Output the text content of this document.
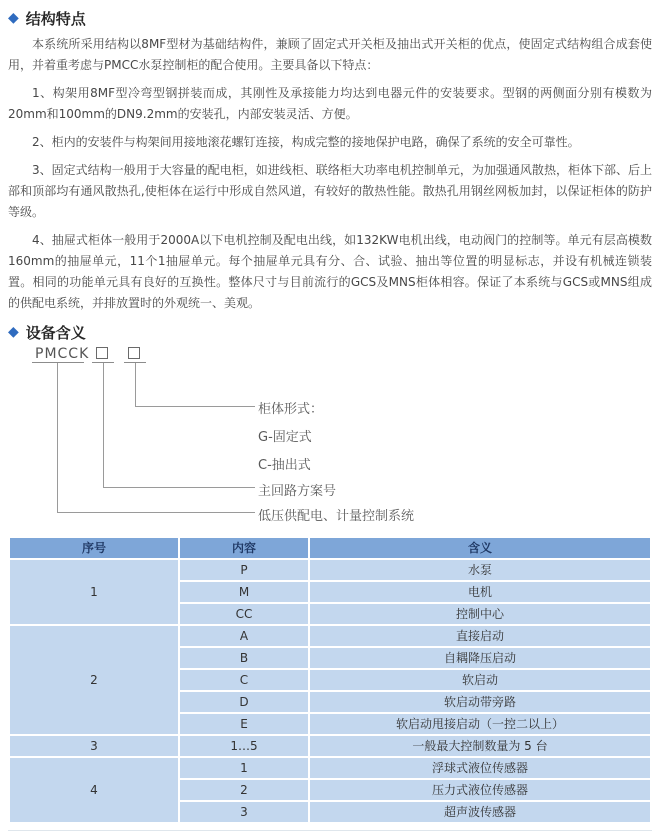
◆ 结构特点

本系统所采用结构以8MF型材为基础结构件，兼顾了固定式开关柜及抽出式开关柜的优点，使固定式结构组合成套使用，并着重考虑与PMCC水泵控制柜的配合使用。主要具备以下特点：

1、构架用8MF型冷弯型钢拼装而成，其刚性及承接能力均达到电器元件的安装要求。型钢的两侧面分别有模数为20mm和100mm的DN9.2mm的安装孔，内部安装灵活、方便。

2、柜内的安装件与构架间用接地滚花螺钉连接，构成完整的接地保护电路，确保了系统的安全可靠性。

3、固定式结构一般用于大容量的配电柜，如进线柜、联络柜大功率电机控制单元，为加强通风散热，柜体下部、后上部和顶部均有通风散热孔,使柜体在运行中形成自然风道，有较好的散热性能。散热孔用钢丝网板加封，以保证柜体的防护等级。

4、抽屉式柜体一般用于2000A以下电机控制及配电出线，如132KW电机出线，电动阀门的控制等。单元有层高模数160mm的抽屉单元，11个1抽屉单元。每个抽屉单元具有分、合、试验、抽出等位置的明显标志，并设有机械连锁装置。相同的功能单元具有良好的互换性。整体尺寸与目前流行的GCS及MNS柜体相容。保证了本系统与GCS或MNS组成的供配电系统，并排放置时的外观统一、美观。

◆ 设备含义
PMCCK
柜体形式：
G-固定式
C-抽出式
主回路方案号
低压供配电、计量控制系统
序号	内容	含义
1	P	水泵
	M	电机
	CC	控制中心
2	A	直接启动
	B	自耦降压启动
	C	软启动
	D	软启动带旁路
	E	软启动甩接启动（一控二以上）
3	1…5	一般最大控制数量为 5 台
4	1	浮球式液位传感器
	2	压力式液位传感器
	3	超声波传感器
